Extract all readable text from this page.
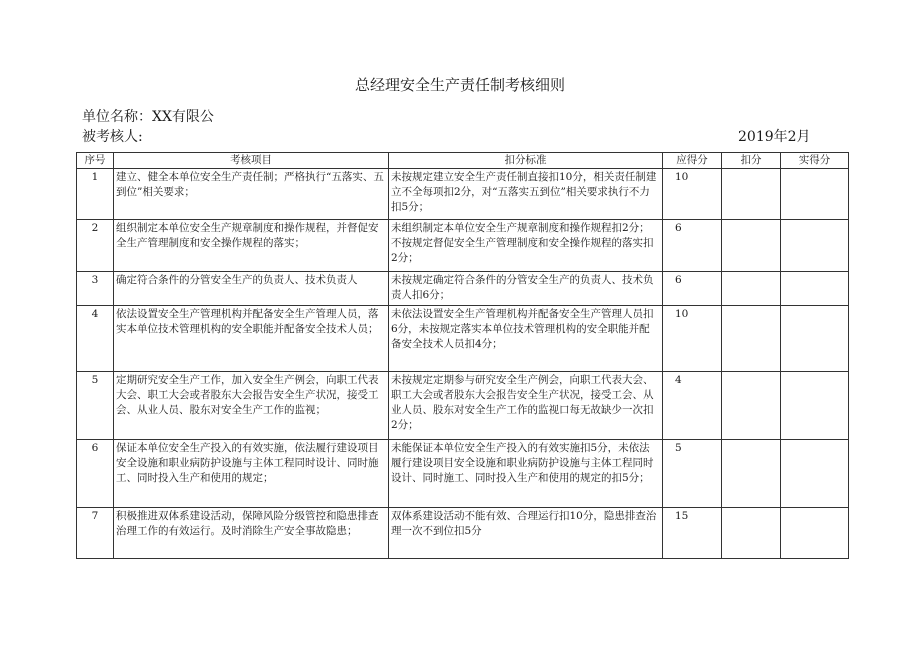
总经理安全生产责任制考核细则
单位名称：XX有限公
被考核人:	2019年2月
序号	考核项目	扣分标准	应得分	扣分	实得分
1	建立、健全本单位安全生产责任制；严格执行“五落实、五到位”相关要求；	未按规定建立安全生产责任制直接扣10分，相关责任制建立不全每项扣2分，对“五落实五到位”相关要求执行不力扣5分；	10		
2	组织制定本单位安全生产规章制度和操作规程，并督促安全生产管理制度和安全操作规程的落实；	未组织制定本单位安全生产规章制度和操作规程扣2分；不按规定督促安全生产管理制度和安全操作规程的落实扣2分；	6		
3	确定符合条件的分管安全生产的负责人、技术负责人	未按规定确定符合条件的分管安全生产的负责人、技术负责人扣6分；	6		
4	依法设置安全生产管理机构并配备安全生产管理人员，落实本单位技术管理机构的安全职能并配备安全技术人员；	未依法设置安全生产管理机构并配备安全生产管理人员扣6分，未按规定落实本单位技术管理机构的安全职能并配备安全技术人员扣4分；	10		
5	定期研究安全生产工作，加入安全生产例会，向职工代表大会、职工大会或者股东大会报告安全生产状况，接受工会、从业人员、股东对安全生产工作的监视；	未按规定定期参与研究安全生产例会，向职工代表大会、职工大会或者股东大会报告安全生产状况，接受工会、从业人员、股东对安全生产工作的监视口每无故缺少一次扣2分；	4		
6	保证本单位安全生产投入的有效实施，依法履行建设项目安全设施和职业病防护设施与主体工程同时设计、同时施工、同时投入生产和使用的规定；	未能保证本单位安全生产投入的有效实施扣5分，未依法履行建设项目安全设施和职业病防护设施与主体工程同时设计、同时施工、同时投入生产和使用的规定的扣5分；	5		
7	积极推进双体系建设活动，保障风险分级管控和隐患排查治理工作的有效运行。及时消除生产安全事故隐患；	双体系建设活动不能有效、合理运行扣10分，隐患排查治理一次不到位扣5分	15		
